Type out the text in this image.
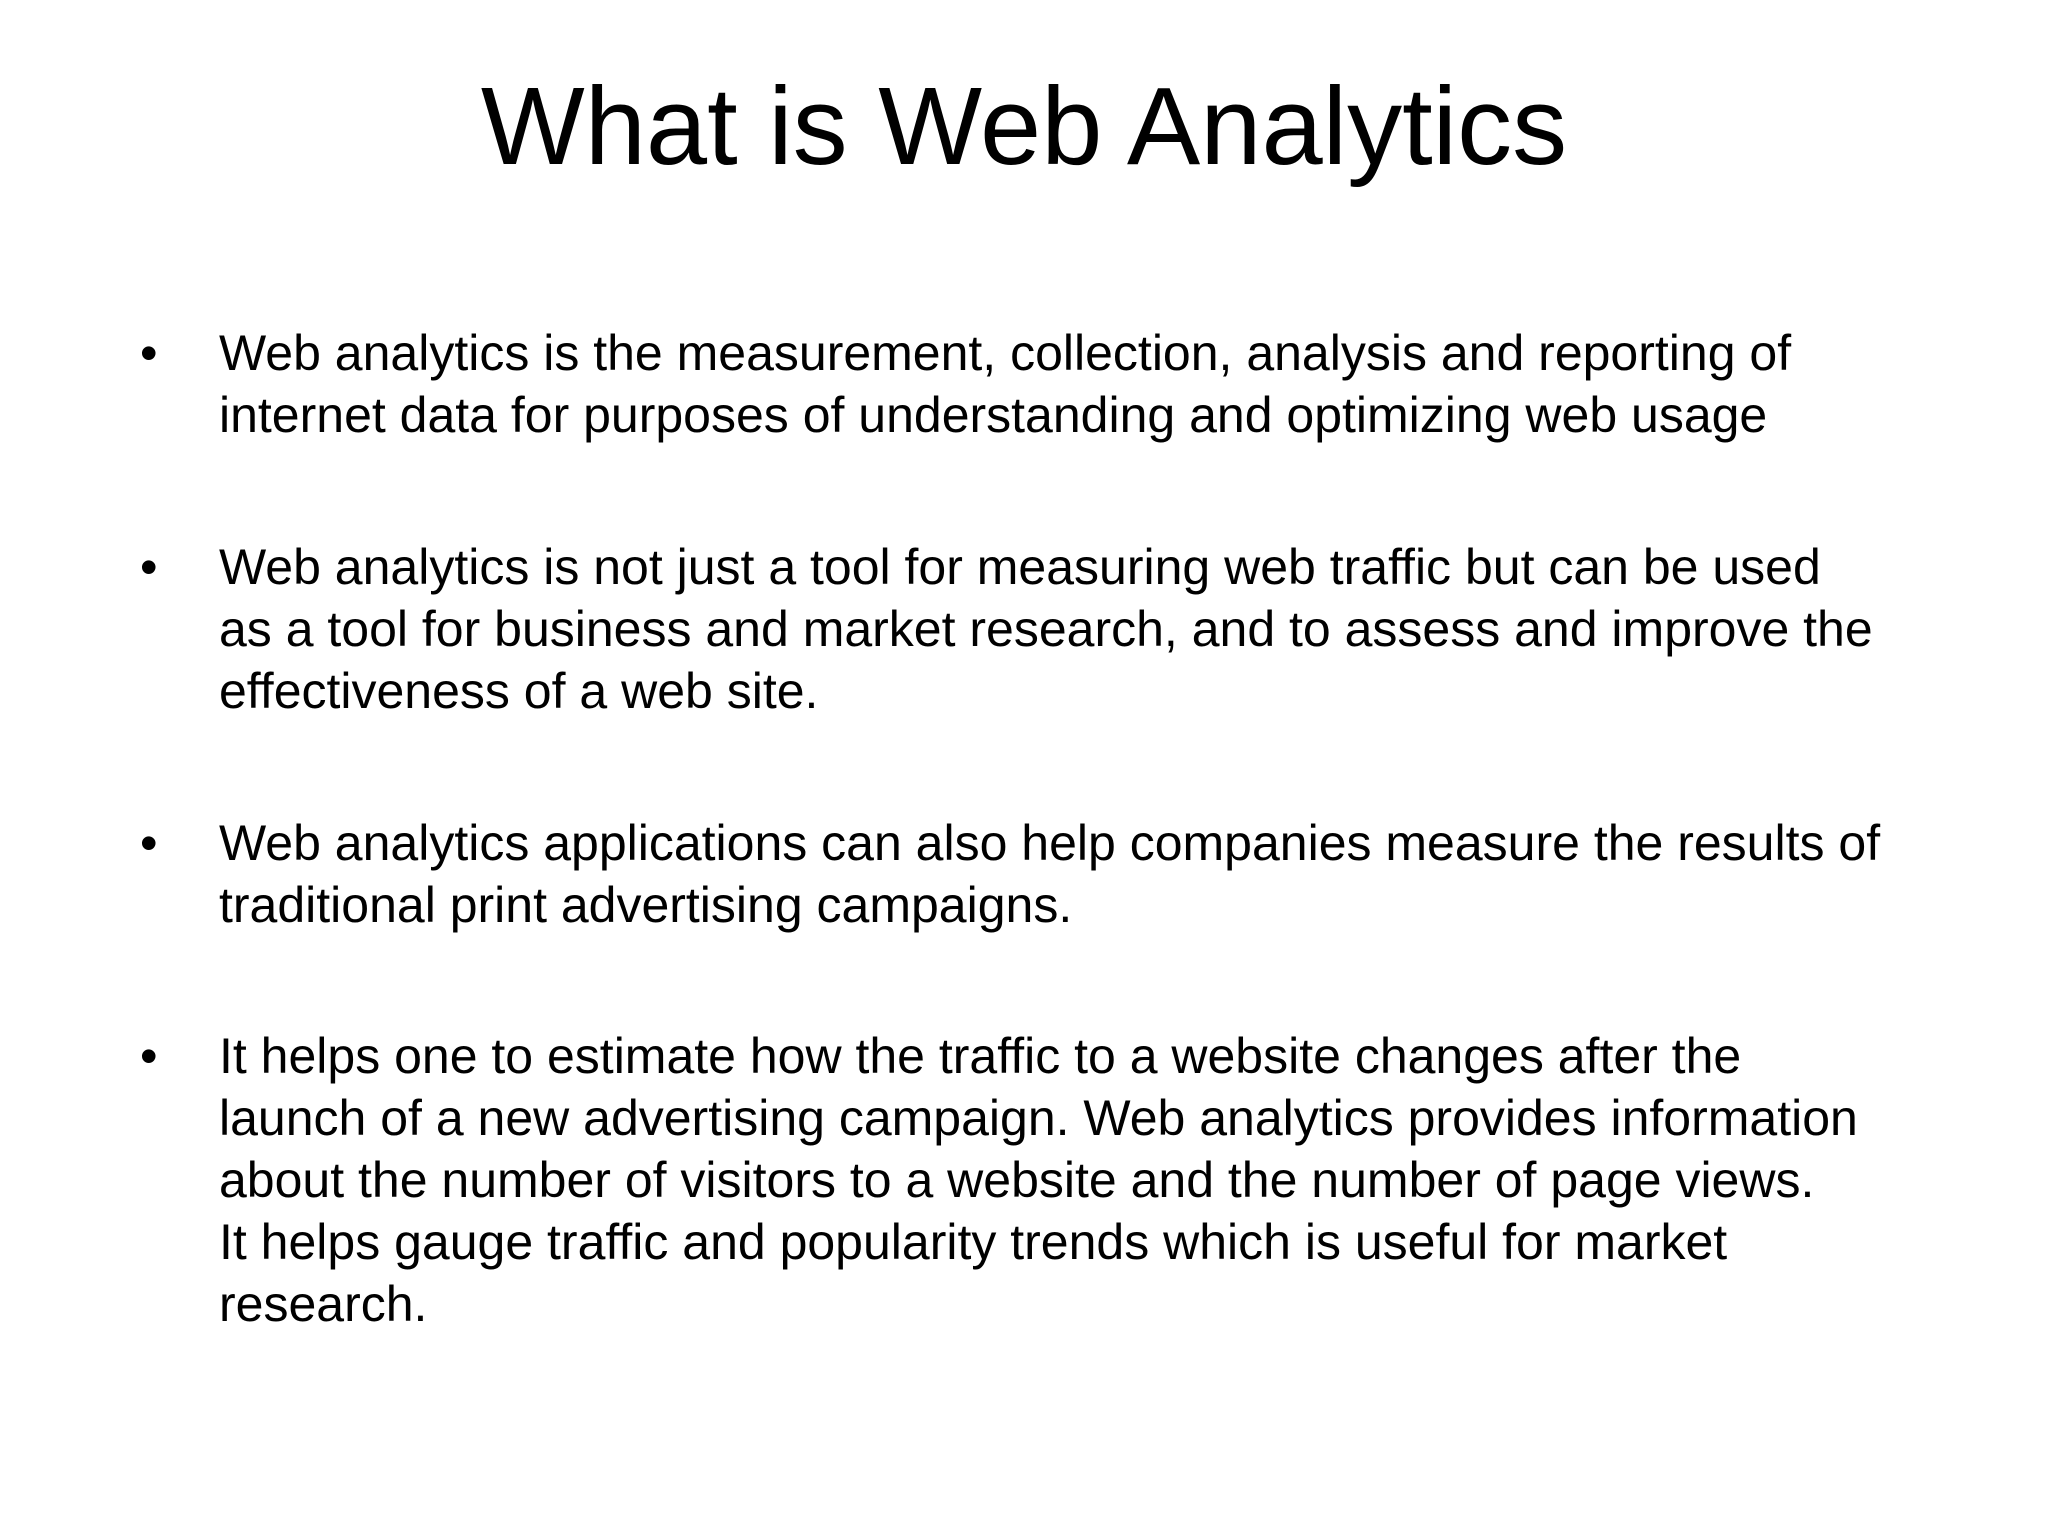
What is Web Analytics
• Web analytics is the measurement, collection, analysis and reporting of
internet data for purposes of understanding and optimizing web usage
• Web analytics is not just a tool for measuring web traffic but can be used
as a tool for business and market research, and to assess and improve the
effectiveness of a web site.
• Web analytics applications can also help companies measure the results of
traditional print advertising campaigns.
• It helps one to estimate how the traffic to a website changes after the
launch of a new advertising campaign. Web analytics provides information
about the number of visitors to a website and the number of page views.
It helps gauge traffic and popularity trends which is useful for market
research.
